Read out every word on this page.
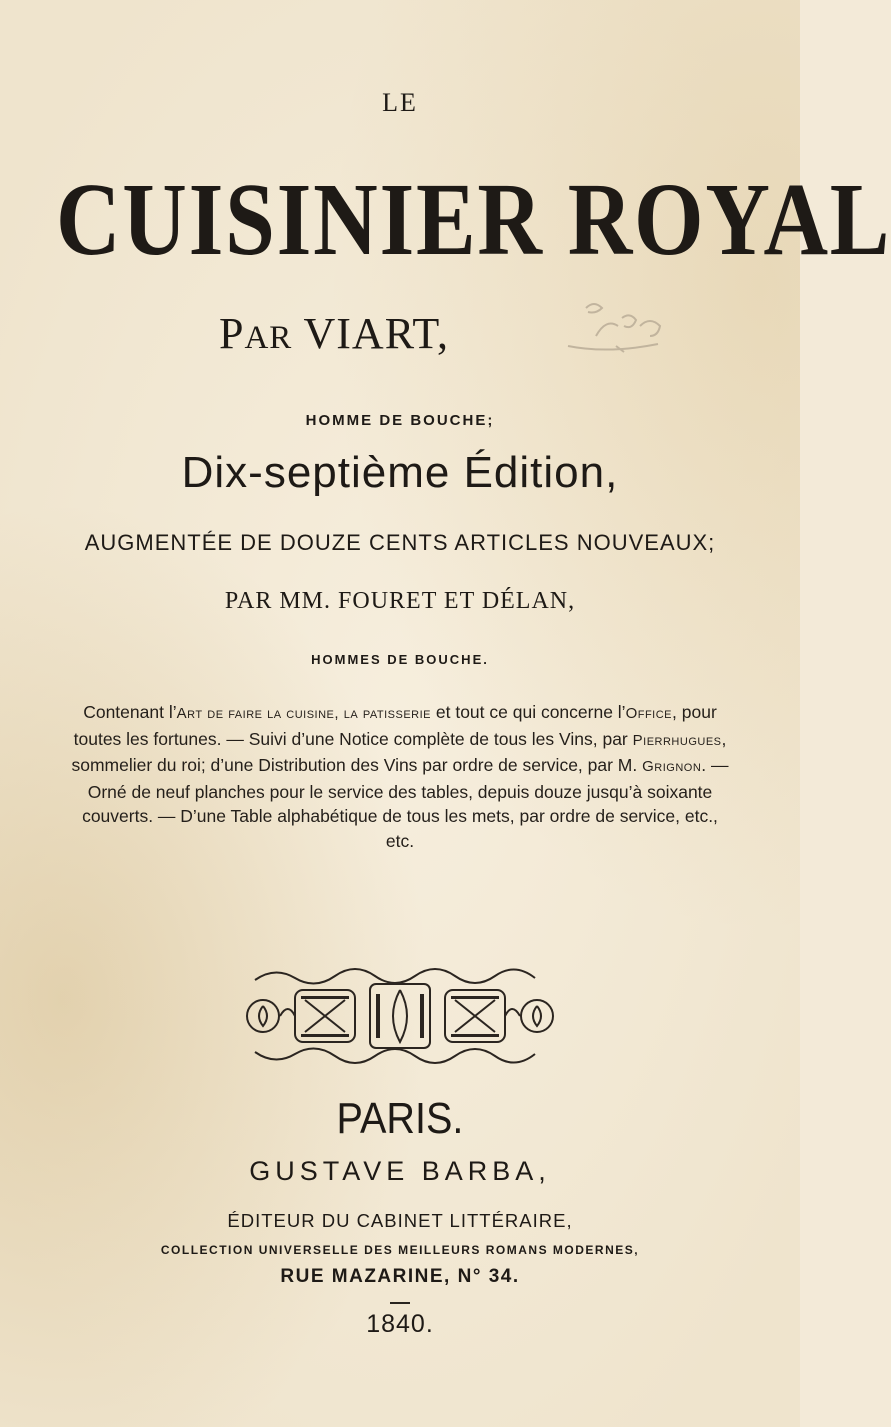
LE
CUISINIER ROYAL
PAR VIART,
HOMME DE BOUCHE;
Dix-septième Édition,
AUGMENTÉE DE DOUZE CENTS ARTICLES NOUVEAUX;
PAR MM. FOURET ET DÉLAN,
HOMMES DE BOUCHE.
Contenant l’Art de faire la cuisine, la patisserie et tout ce qui concerne l’Office, pour toutes les fortunes. — Suivi d’une Notice complète de tous les Vins, par Pierrhugues, sommelier du roi; d’une Distribution des Vins par ordre de service, par M. Grignon. — Orné de neuf planches pour le service des tables, depuis douze jusqu’à soixante couverts. — D’une Table alphabétique de tous les mets, par ordre de service, etc., etc.
PARIS.
GUSTAVE BARBA,
ÉDITEUR DU CABINET LITTÉRAIRE,
COLLECTION UNIVERSELLE DES MEILLEURS ROMANS MODERNES,
RUE MAZARINE, N° 34.
1840.
